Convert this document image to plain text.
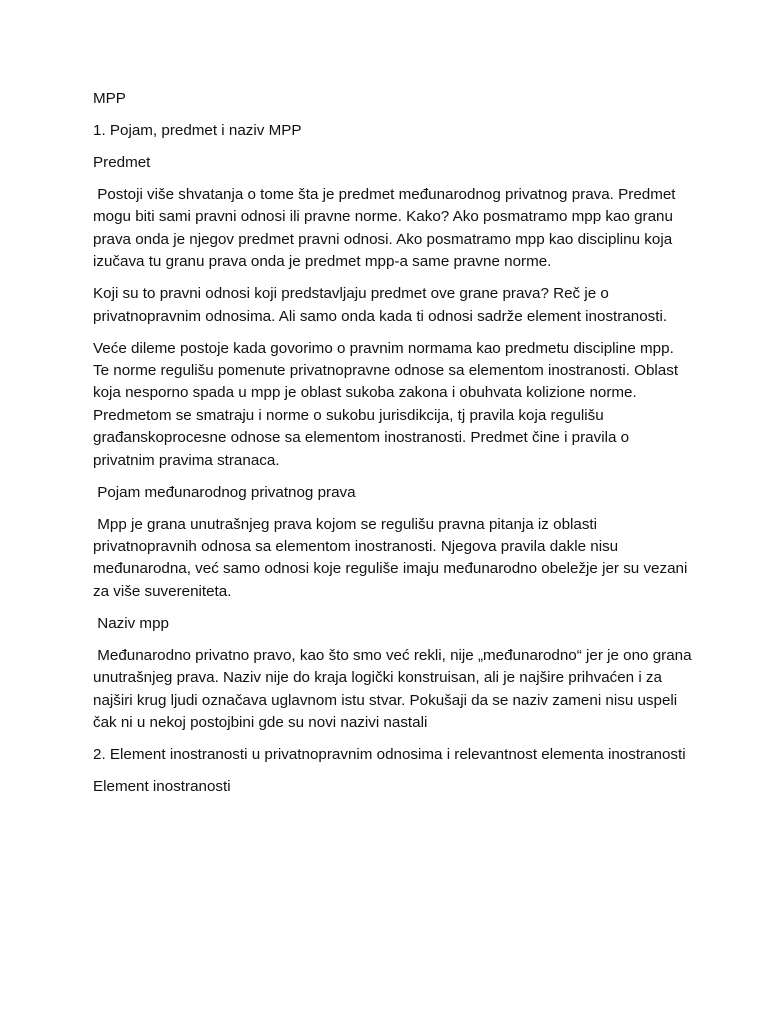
MPP

1. Pojam, predmet i naziv MPP

Predmet

Postoji više shvatanja o tome šta je predmet međunarodnog privatnog prava. Predmet mogu biti sami pravni odnosi ili pravne norme. Kako? Ako posmatramo mpp kao granu prava onda je njegov predmet pravni odnosi. Ako posmatramo mpp kao disciplinu koja izučava tu granu prava onda je predmet mpp-a same pravne norme.

Koji su to pravni odnosi koji predstavljaju predmet ove grane prava? Reč je o privatnopravnim odnosima. Ali samo onda kada ti odnosi sadrže element inostranosti.

Veće dileme postoje kada govorimo o pravnim normama kao predmetu discipline mpp. Te norme regulišu pomenute privatnopravne odnose sa elementom inostranosti. Oblast koja nesporno spada u mpp je oblast sukoba zakona i obuhvata kolizione norme. Predmetom se smatraju i norme o sukobu jurisdikcija, tj pravila koja regulišu građanskoprocesne odnose sa elementom inostranosti. Predmet čine i pravila o privatnim pravima stranaca.

Pojam međunarodnog privatnog prava

Mpp je grana unutrašnjeg prava kojom se regulišu pravna pitanja iz oblasti privatnopravnih odnosa sa elementom inostranosti. Njegova pravila dakle nisu međunarodna, već samo odnosi koje reguliše imaju međunarodno obeležje jer su vezani za više suvereniteta.

Naziv mpp

Međunarodno privatno pravo, kao što smo već rekli, nije „međunarodno“ jer je ono grana unutrašnjeg prava. Naziv nije do kraja logički konstruisan, ali je najšire prihvaćen i za najširi krug ljudi označava uglavnom istu stvar. Pokušaji da se naziv zameni nisu uspeli čak ni u nekoj postojbini gde su novi nazivi nastali

2. Element inostranosti u privatnopravnim odnosima i relevantnost elementa inostranosti

Element inostranosti
